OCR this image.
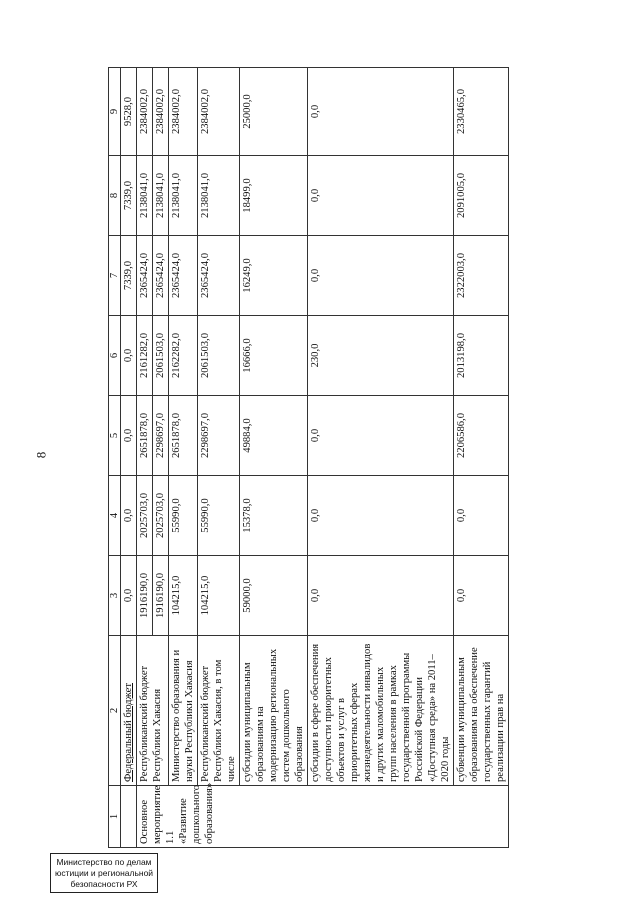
8
1	2	3	4	5	6	7	8	9
	Федеральный бюджет	0,0	0,0	0,0	0,0	7339,0	7339,0	9528,0
Основное мероприятие 1.1 «Развитие дошкольного образования»	Республиканский бюджет Республики Хакасия	1916190,0	2025703,0	2651878,0	2161282,0	2365424,0	2138041,0	2384002,0
		1916190,0	2025703,0	2298697,0	2061503,0	2365424,0	2138041,0	2384002,0
	Министерство образования и науки Республики Хакасия	104215,0	55990,0	2651878,0	2162282,0	2365424,0	2138041,0	2384002,0
	Республиканский бюджет Республики Хакасия, в том числе	104215,0	55990,0	2298697,0	2061503,0	2365424,0	2138041,0	2384002,0
	субсидии муниципальным образованиям на модернизацию региональных систем дошкольного образования	59000,0	15378,0	49884,0	16666,0	16249,0	18499,0	25000,0
	субсидии в сфере обеспечения доступности приоритетных объектов и услуг в приоритетных сферах жизнедеятельности инвалидов и других маломобильных групп населения в рамках государственной программы Российской Федерации «Доступная среда» на 2011–2020 годы	0,0	0,0	0,0	230,0	0,0	0,0	0,0
	субвенции муниципальным образованиям на обеспечение государственных гарантий реализации прав на	0,0	0,0	2206586,0	2013198,0	2322003,0	2091005,0	2330465,0
Министерство по делам
юстиции и региональной
безопасности РХ
